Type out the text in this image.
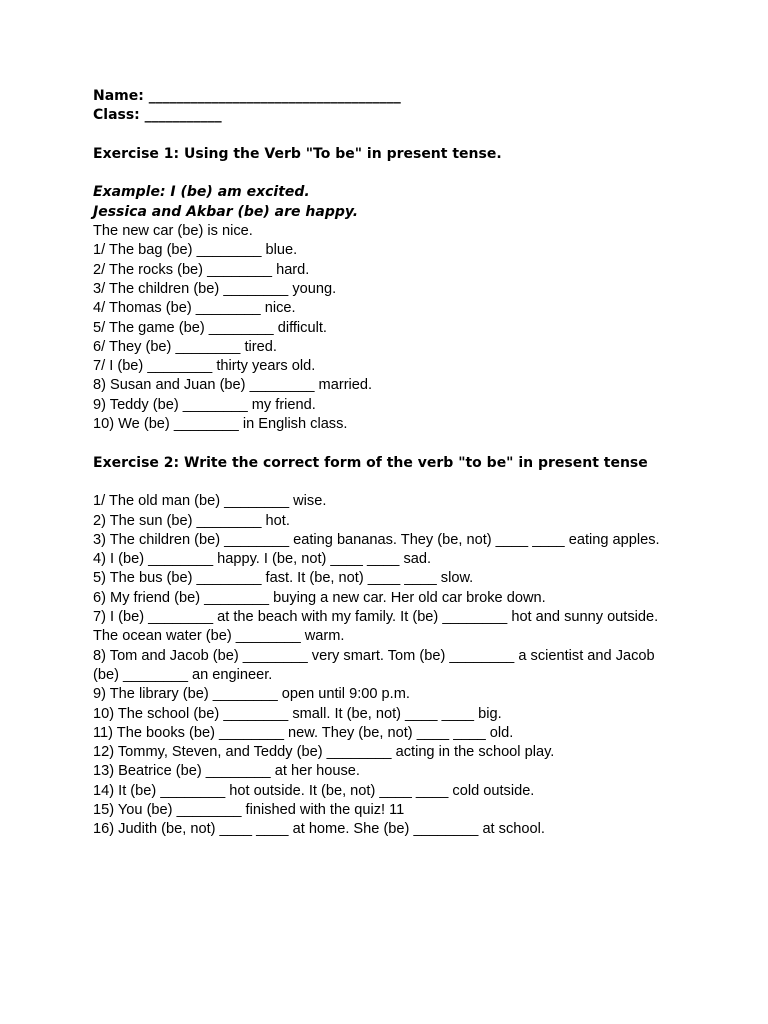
Name: ____________________________________
Class: ___________
Exercise 1: Using the Verb "To be" in present tense.
Example: I (be) am excited.
Jessica and Akbar (be) are happy.
The new car (be) is nice.
1/ The bag (be) ________ blue.
2/ The rocks (be) ________ hard.
3/ The children (be) ________ young.
4/ Thomas (be) ________ nice.
5/ The game (be) ________ difficult.
6/ They (be) ________ tired.
7/ I (be) ________ thirty years old.
8) Susan and Juan (be) ________ married.
9) Teddy (be) ________ my friend.
10) We (be) ________ in English class.
Exercise 2: Write the correct form of the verb "to be" in present tense
1/ The old man (be) ________ wise.
2) The sun (be) ________ hot.
3) The children (be) ________ eating bananas. They (be, not) ____ ____ eating apples.
4) I (be) ________ happy. I (be, not) ____ ____ sad.
5) The bus (be) ________ fast. It (be, not) ____ ____ slow.
6) My friend (be) ________ buying a new car. Her old car broke down.
7) I (be) ________ at the beach with my family. It (be) ________ hot and sunny outside. The ocean water (be) ________ warm.
8) Tom and Jacob (be) ________ very smart. Tom (be) ________ a scientist and Jacob (be) ________ an engineer.
9) The library (be) ________ open until 9:00 p.m.
10) The school (be) ________ small. It (be, not) ____ ____ big.
11) The books (be) ________ new. They (be, not) ____ ____ old.
12) Tommy, Steven, and Teddy (be) ________ acting in the school play.
13) Beatrice (be) ________ at her house.
14) It (be) ________ hot outside. It (be, not) ____ ____ cold outside.
15) You (be) ________ finished with the quiz! 11
16) Judith (be, not) ____ ____ at home. She (be) ________ at school.
